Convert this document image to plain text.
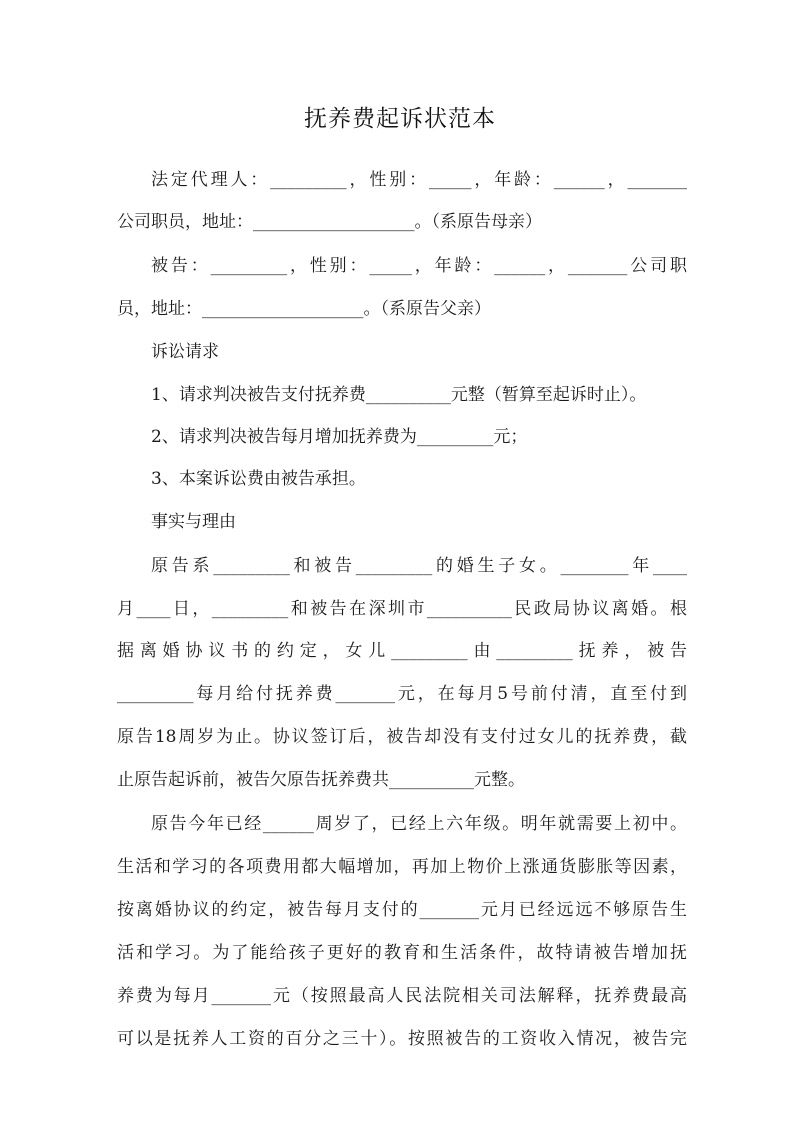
抚养费起诉状范本
法定代理人：_________，性别：_____，年龄：______，_______
公司职员，地址：___________________。（系原告母亲）
被告：_________，性别：_____，年龄：______，_______公司职
员，地址：___________________。（系原告父亲）
诉讼请求
1、请求判决被告支付抚养费__________元整（暂算至起诉时止）。
2、请求判决被告每月增加抚养费为_________元；
3、本案诉讼费由被告承担。
事实与理由
原告系_________和被告_________的婚生子女。________年____
月____日，_________和被告在深圳市__________民政局协议离婚。根
据离婚协议书的约定，女儿_________由_________抚养，被告
_________每月给付抚养费_______元，在每月5号前付清，直至付到
原告18周岁为止。协议签订后，被告却没有支付过女儿的抚养费，截
止原告起诉前，被告欠原告抚养费共__________元整。
原告今年已经______周岁了，已经上六年级。明年就需要上初中。
生活和学习的各项费用都大幅增加，再加上物价上涨通货膨胀等因素，
按离婚协议的约定，被告每月支付的_______元月已经远远不够原告生
活和学习。为了能给孩子更好的教育和生活条件，故特请被告增加抚
养费为每月_______元（按照最高人民法院相关司法解释，抚养费最高
可以是抚养人工资的百分之三十）。按照被告的工资收入情况，被告完
